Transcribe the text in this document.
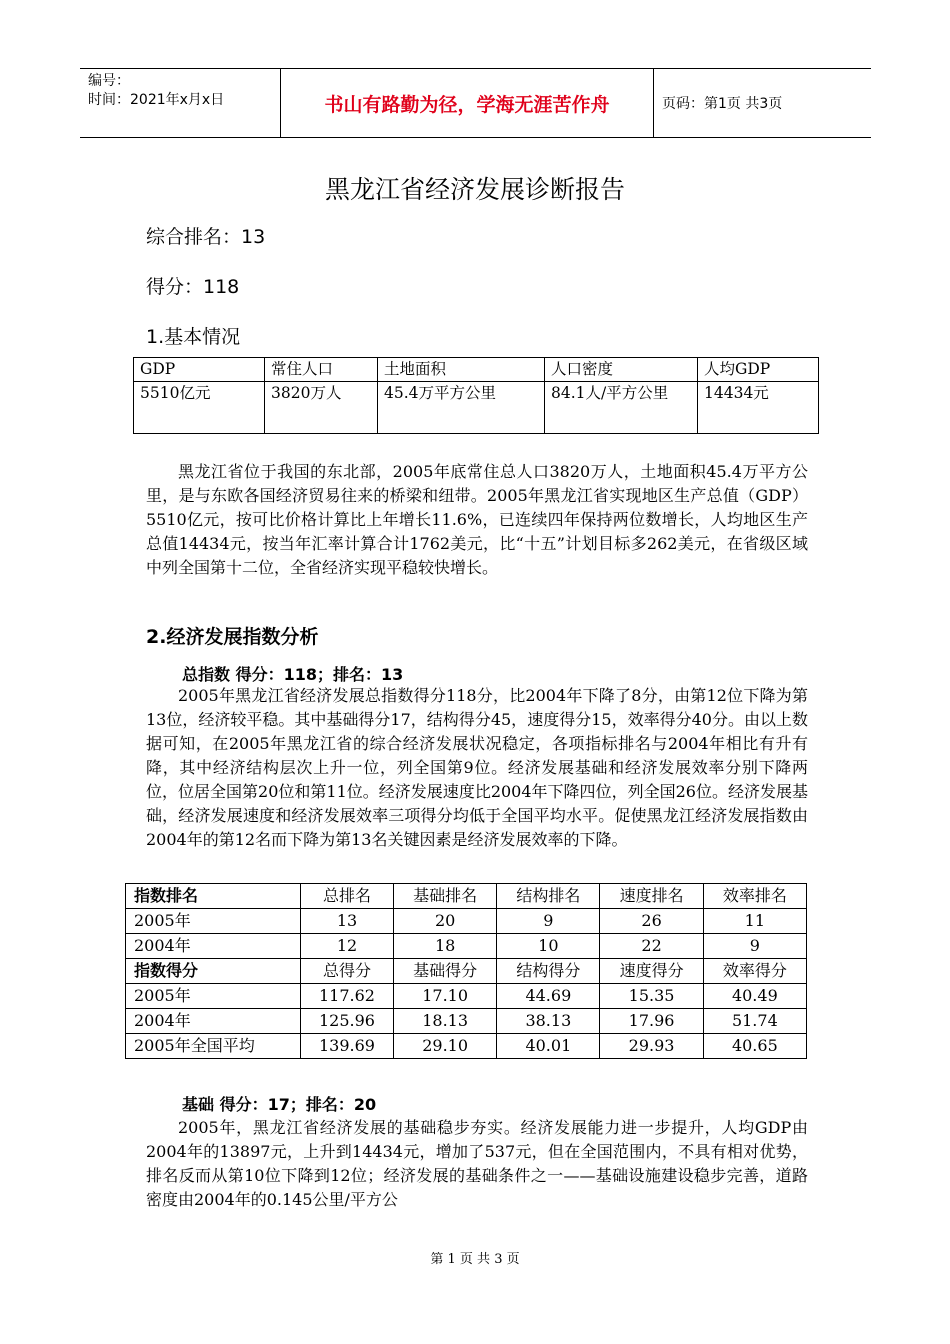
编号：
时间：2021年x月x日	书山有路勤为径，学海无涯苦作舟	页码：第1页 共3页
黑龙江省经济发展诊断报告
综合排名：13
得分：118
1.基本情况
GDP	常住人口	土地面积	人口密度	人均GDP
5510亿元	3820万人	45.4万平方公里	84.1人/平方公里	14434元

黑龙江省位于我国的东北部，2005年底常住总人口3820万人，土地面积45.4万平方公里，是与东欧各国经济贸易往来的桥梁和纽带。2005年黑龙江省实现地区生产总值（GDP）5510亿元，按可比价格计算比上年增长11.6%，已连续四年保持两位数增长，人均地区生产总值14434元，按当年汇率计算合计1762美元，比“十五”计划目标多262美元，在省级区域中列全国第十二位，全省经济实现平稳较快增长。

2.经济发展指数分析
总指数 得分：118；排名：13

2005年黑龙江省经济发展总指数得分118分，比2004年下降了8分，由第12位下降为第13位，经济较平稳。其中基础得分17，结构得分45，速度得分15，效率得分40分。由以上数据可知，在2005年黑龙江省的综合经济发展状况稳定，各项指标排名与2004年相比有升有降，其中经济结构层次上升一位，列全国第9位。经济发展基础和经济发展效率分别下降两位，位居全国第20位和第11位。经济发展速度比2004年下降四位，列全国26位。经济发展基础，经济发展速度和经济发展效率三项得分均低于全国平均水平。促使黑龙江经济发展指数由2004年的第12名而下降为第13名关键因素是经济发展效率的下降。

指数排名	总排名	基础排名	结构排名	速度排名	效率排名
2005年	13	20	9	26	11
2004年	12	18	10	22	9
指数得分	总得分	基础得分	结构得分	速度得分	效率得分
2005年	117.62	17.10	44.69	15.35	40.49
2004年	125.96	18.13	38.13	17.96	51.74
2005年全国平均	139.69	29.10	40.01	29.93	40.65
基础 得分：17；排名：20

2005年，黑龙江省经济发展的基础稳步夯实。经济发展能力进一步提升，人均GDP由2004年的13897元，上升到14434元，增加了537元，但在全国范围内，不具有相对优势，排名反而从第10位下降到12位；经济发展的基础条件之一——基础设施建设稳步完善，道路密度由2004年的0.145公里/平方公

第 1 页 共 3 页
